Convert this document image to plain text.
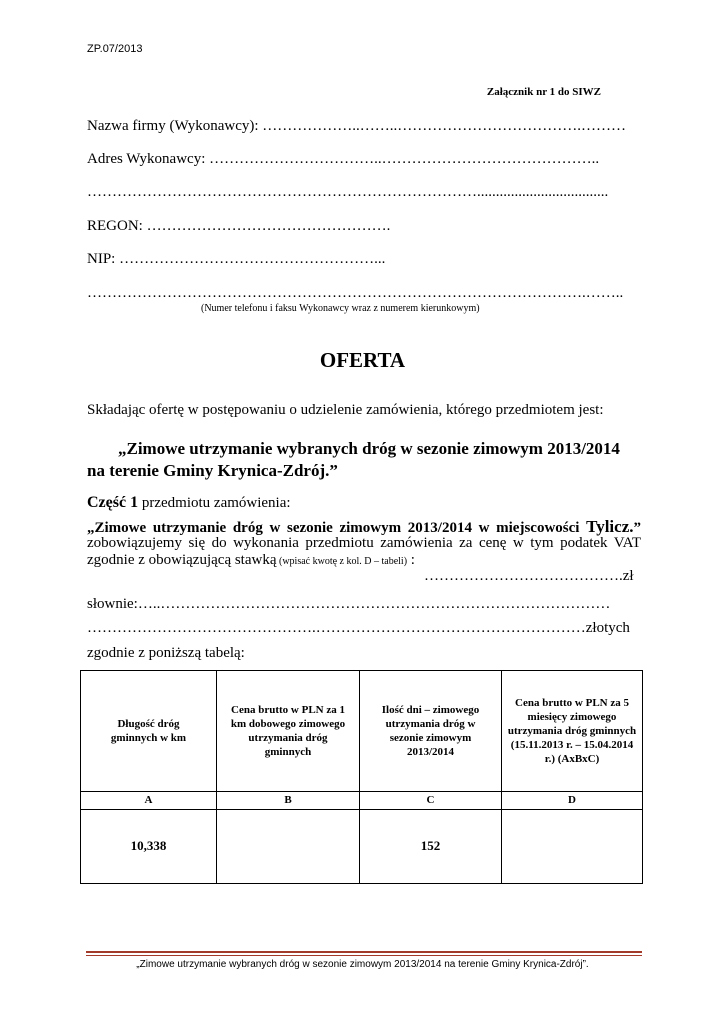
ZP.07/2013
Załącznik nr 1 do SIWZ
Nazwa firmy (Wykonawcy): ………………..……..……………………………….………
Adres Wykonawcy: ……………………………..……………………………………..
……………………………………………………………………...................................
REGON: ………………………………………….
NIP: ……………………………………………...
……………………………………………………………………………………….……..
(Numer telefonu i faksu Wykonawcy wraz z numerem kierunkowym)
OFERTA
Składając ofertę w postępowaniu o udzielenie zamówienia, którego przedmiotem jest:
„Zimowe utrzymanie wybranych dróg w sezonie zimowym 2013/2014
na terenie Gminy Krynica-Zdrój.”
Część 1 przedmiotu zamówienia:
„Zimowe utrzymanie dróg w sezonie zimowym 2013/2014 w miejscowości Tylicz.”
zobowiązujemy się do wykonania przedmiotu zamówienia za cenę w tym podatek VAT
zgodnie z obowiązującą stawką (wpisać kwotę z kol. D – tabeli) :
………………………………….zł
słownie:…..………………………………………………………………………………
……………………………………….………………………………………………złotych
zgodnie z poniższą tabelą:
Długość dróg gminnych w km	Cena brutto w PLN za 1 km dobowego zimowego utrzymania dróg gminnych	Ilość dni – zimowego utrzymania dróg w sezonie zimowym 2013/2014	Cena brutto w PLN za 5 miesięcy zimowego utrzymania dróg gminnych (15.11.2013 r. – 15.04.2014 r.) (AxBxC)

A	B	C	D
10,338		152	
„Zimowe utrzymanie wybranych dróg w sezonie zimowym 2013/2014 na terenie Gminy Krynica-Zdrój”.
